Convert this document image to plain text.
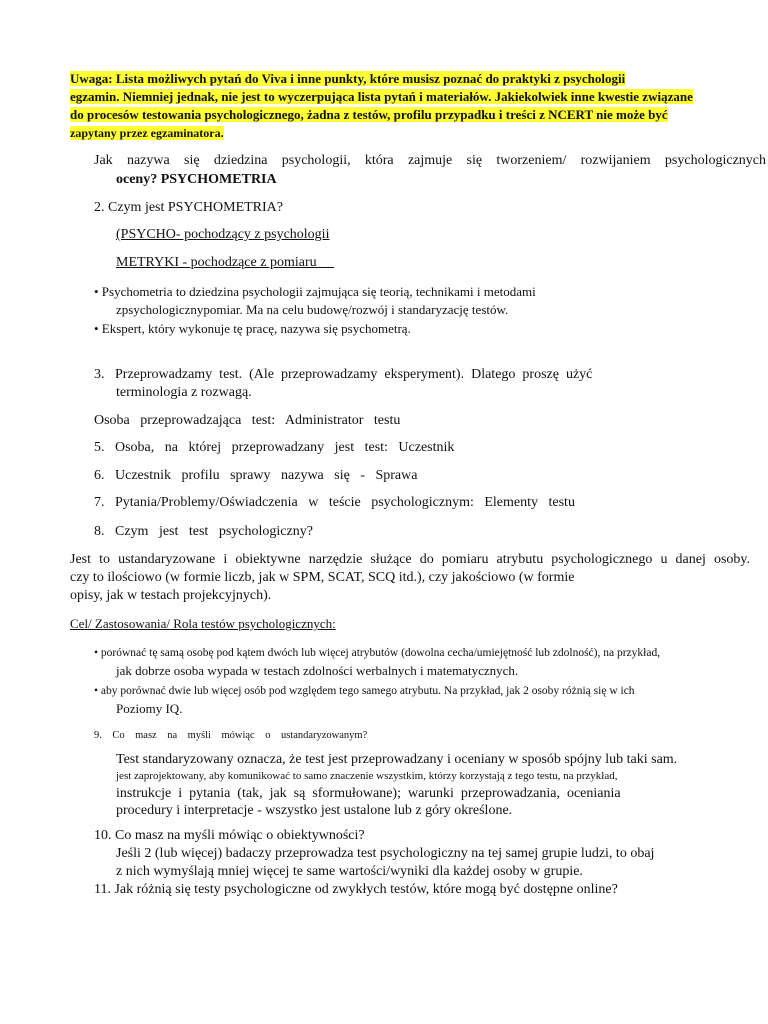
Uwaga: Lista możliwych pytań do Viva i inne punkty, które musisz poznać do praktyki z psychologii
egzamin. Niemniej jednak, nie jest to wyczerpująca lista pytań i materiałów. Jakiekolwiek inne kwestie związane
do procesów testowania psychologicznego, żadna z testów, profilu przypadku i treści z NCERT nie może być
zapytany przez egzaminatora.
Jak nazywa się dziedzina psychologii, która zajmuje się tworzeniem/ rozwijaniem psychologicznych
oceny? PSYCHOMETRIA
2. Czym jest PSYCHOMETRIA?
(PSYCHO- pochodzący z psychologii
METRYKI - pochodzące z pomiaru
• Psychometria to dziedzina psychologii zajmująca się teorią, technikami i metodami
zpsychologicznypomiar. Ma na celu budowę/rozwój i standaryzację testów.
• Ekspert, który wykonuje tę pracę, nazywa się psychometrą.
3.   Przeprowadzamy  test.  (Ale  przeprowadzamy  eksperyment).  Dlatego  proszę  użyć
terminologia z rozwagą.
Osoba   przeprowadzająca   test:   Administrator   testu
5.   Osoba,   na   której   przeprowadzany   jest   test:   Uczestnik
6.   Uczestnik   profilu   sprawy   nazywa   się   -   Sprawa
7.   Pytania/Problemy/Oświadczenia   w   teście   psychologicznym:   Elementy   testu
8.   Czym   jest   test   psychologiczny?
Jest to ustandaryzowane i obiektywne narzędzie służące do pomiaru atrybutu psychologicznego u danej osoby.
czy to ilościowo (w formie liczb, jak w SPM, SCAT, SCQ itd.), czy jakościowo (w formie
opisy, jak w testach projekcyjnych).
Cel/ Zastosowania/ Rola testów psychologicznych:
• porównać tę samą osobę pod kątem dwóch lub więcej atrybutów (dowolna cecha/umiejętność lub zdolność), na przykład,
jak dobrze osoba wypada w testach zdolności werbalnych i matematycznych.
• aby porównać dwie lub więcej osób pod względem tego samego atrybutu. Na przykład, jak 2 osoby różnią się w ich
Poziomy IQ.
9.    Co    masz    na    myśli    mówiąc    o    ustandaryzowanym?
Test standaryzowany oznacza, że test jest przeprowadzany i oceniany w sposób spójny lub taki sam.
jest zaprojektowany, aby komunikować to samo znaczenie wszystkim, którzy korzystają z tego testu, na przykład,
instrukcje  i  pytania  (tak,  jak  są  sformułowane);  warunki  przeprowadzania,  oceniania
procedury i interpretacje - wszystko jest ustalone lub z góry określone.
10. Co masz na myśli mówiąc o obiektywności?
Jeśli 2 (lub więcej) badaczy przeprowadza test psychologiczny na tej samej grupie ludzi, to obaj
z nich wymyślają mniej więcej te same wartości/wyniki dla każdej osoby w grupie.
11. Jak różnią się testy psychologiczne od zwykłych testów, które mogą być dostępne online?
